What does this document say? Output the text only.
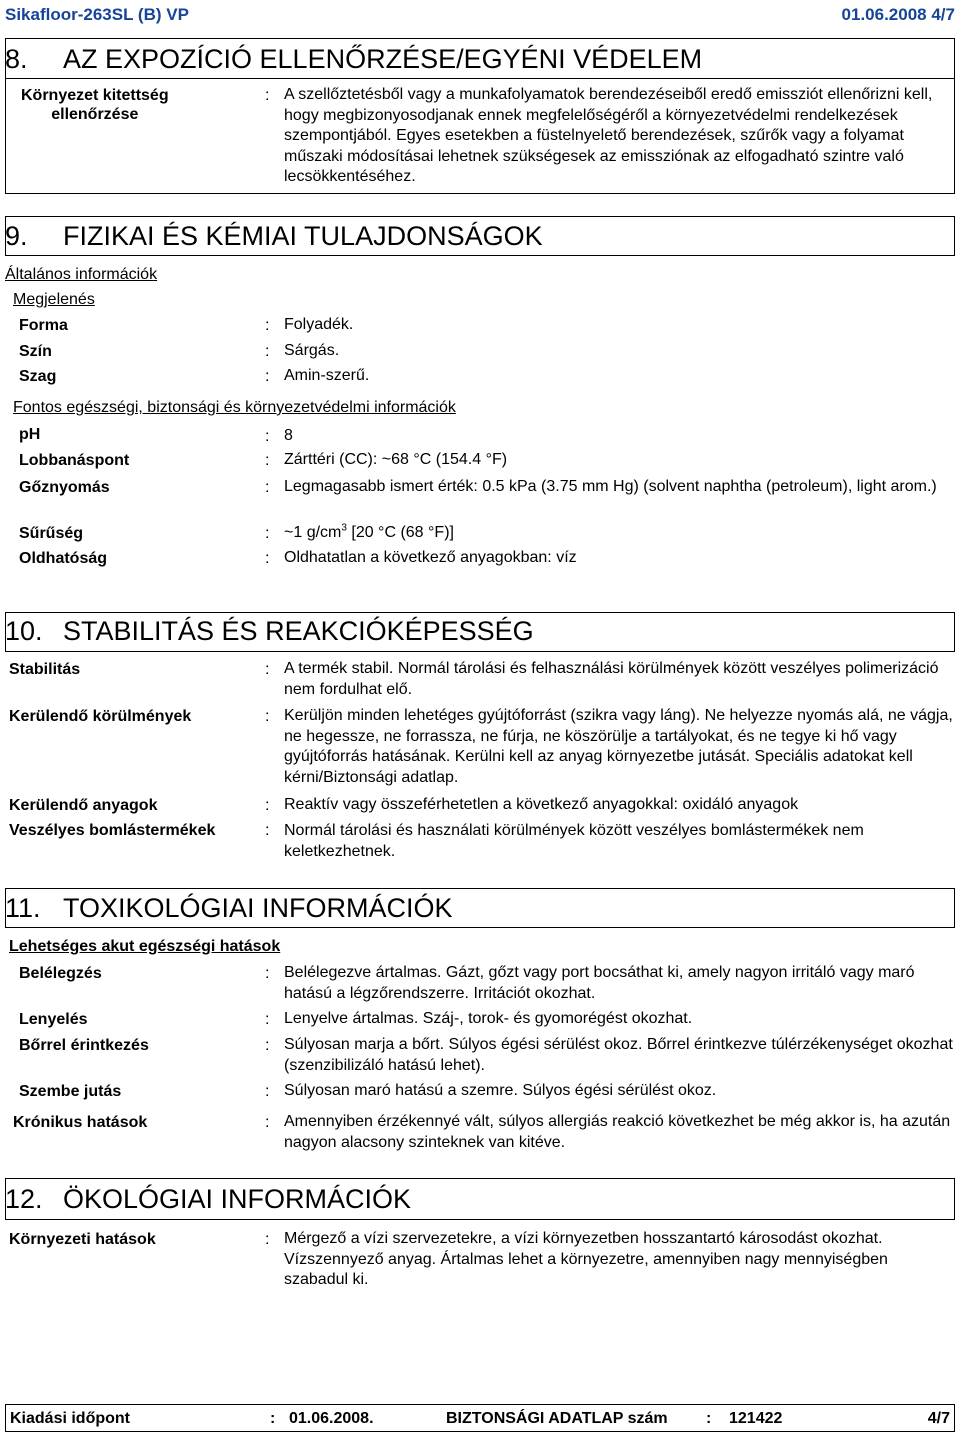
Sikafloor-263SL (B) VP	01.06.2008 4/7
8. AZ EXPOZÍCIÓ ELLENŐRZÉSE/EGYÉNI VÉDELEM
Környezet kitettség
ellenőrzése
: A szellőztetésből vagy a munkafolyamatok berendezéseiből eredő emissziót ellenőrizni kell, hogy megbizonyosodjanak ennek megfelelőségéről a környezetvédelmi rendelkezések szempontjából. Egyes esetekben a füstelnyelető berendezések, szűrők vagy a folyamat műszaki módosításai lehetnek szükségesek az emissziónak az elfogadható szintre való lecsökkentéséhez.
9. FIZIKAI ÉS KÉMIAI TULAJDONSÁGOK
Általános információk
Megjelenés
Forma	: Folyadék.
Szín	: Sárgás.
Szag	: Amin-szerű.
Fontos egészségi, biztonsági és környezetvédelmi információk
pH	: 8
Lobbanáspont	: Zárttéri (CC): ~68 °C (154.4 °F)
Gőznyomás	: Legmagasabb ismert érték: 0.5 kPa (3.75 mm Hg) (solvent naphtha (petroleum), light arom.)
Sűrűség	: ~1 $g/cm^3$ [20 °C (68 °F)]
Oldhatóság	: Oldhatatlan a következő anyagokban: víz
10. STABILITÁS ÉS REAKCIÓKÉPESSÉG
Stabilitás	: A termék stabil. Normál tárolási és felhasználási körülmények között veszélyes polimerizáció nem fordulhat elő.
Kerülendő körülmények	: Kerüljön minden lehetéges gyújtóforrást (szikra vagy láng). Ne helyezze nyomás alá, ne vágja, ne hegessze, ne forrassza, ne fúrja, ne köszörülje a tartályokat, és ne tegye ki hő vagy gyújtóforrás hatásának. Kerülni kell az anyag környezetbe jutását. Speciális adatokat kell kérni/Biztonsági adatlap.
Kerülendő anyagok	: Reaktív vagy összeférhetetlen a következő anyagokkal: oxidáló anyagok
Veszélyes bomlástermékek	: Normál tárolási és használati körülmények között veszélyes bomlástermékek nem keletkezhetnek.
11. TOXIKOLÓGIAI INFORMÁCIÓK
Lehetséges akut egészségi hatások
Belélegzés	: Belélegezve ártalmas. Gázt, gőzt vagy port bocsáthat ki, amely nagyon irritáló vagy maró hatású a légzőrendszerre. Irritációt okozhat.
Lenyelés	: Lenyelve ártalmas. Száj-, torok- és gyomorégést okozhat.
Bőrrel érintkezés	: Súlyosan marja a bőrt. Súlyos égési sérülést okoz. Bőrrel érintkezve túlérzékenységet okozhat (szenzibilizáló hatású lehet).
Szembe jutás	: Súlyosan maró hatású a szemre. Súlyos égési sérülést okoz.
Krónikus hatások	: Amennyiben érzékennyé vált, súlyos allergiás reakció következhet be még akkor is, ha azután nagyon alacsony szinteknek van kitéve.
12. ÖKOLÓGIAI INFORMÁCIÓK
Környezeti hatások	: Mérgező a vízi szervezetekre, a vízi környezetben hosszantartó károsodást okozhat. Vízszennyező anyag. Ártalmas lehet a környezetre, amennyiben nagy mennyiségben szabadul ki.
Kiadási időpont	: 01.06.2008.	BIZTONSÁGI ADATLAP szám : 121422	4/7
